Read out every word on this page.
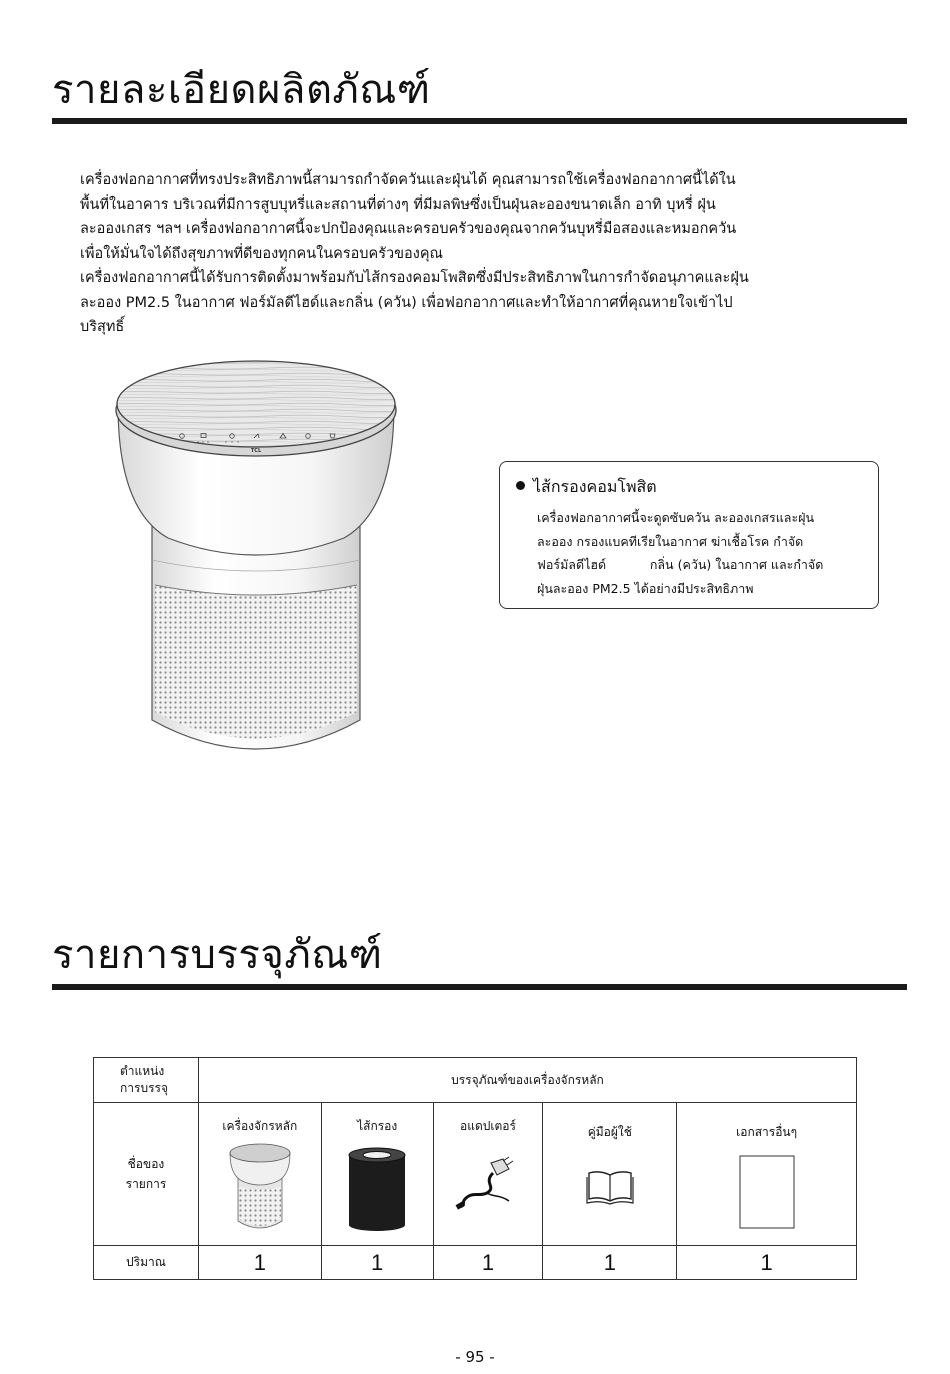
รายละเอียดผลิตภัณฑ์

เครื่องฟอกอากาศที่ทรงประสิทธิภาพนี้สามารถกำจัดควันและฝุ่นได้ คุณสามารถใช้เครื่องฟอกอากาศนี้ได้ใน

พื้นที่ในอาคาร บริเวณที่มีการสูบบุหรี่และสถานที่ต่างๆ ที่มีมลพิษซึ่งเป็นฝุ่นละอองขนาดเล็ก อาทิ บุหรี่ ฝุ่น

ละอองเกสร ฯลฯ เครื่องฟอกอากาศนี้จะปกป้องคุณและครอบครัวของคุณจากควันบุหรี่มือสองและหมอกควัน

เพื่อให้มั่นใจได้ถึงสุขภาพที่ดีของทุกคนในครอบครัวของคุณ

เครื่องฟอกอากาศนี้ได้รับการติดตั้งมาพร้อมกับไส้กรองคอมโพสิตซึ่งมีประสิทธิภาพในการกำจัดอนุภาคและฝุ่น

ละออง PM2.5 ในอากาศ ฟอร์มัลดีไฮด์และกลิ่น (ควัน) เพื่อฟอกอากาศและทำให้อากาศที่คุณหายใจเข้าไป

บริสุทธิ์

TCL
ไส้กรองคอมโพสิต
เครื่องฟอกอากาศนี้จะดูดซับควัน ละอองเกสรและฝุ่น
ละออง กรองแบคทีเรียในอากาศ ฆ่าเชื้อโรค กำจัด
ฟอร์มัลดีไฮด์           กลิ่น (ควัน) ในอากาศ และกำจัด
ฝุ่นละออง PM2.5 ได้อย่างมีประสิทธิภาพ
รายการบรรจุภัณฑ์
ตำแหน่ง
การบรรจุ	บรรจุภัณฑ์ของเครื่องจักรหลัก				

ชื่อของ
รายการ	เครื่องจักรหลัก	ไส้กรอง	อแดปเตอร์	คู่มือผู้ใช้	เอกสารอื่นๆ

ปริมาณ	1	1	1	1	1
- 95 -
